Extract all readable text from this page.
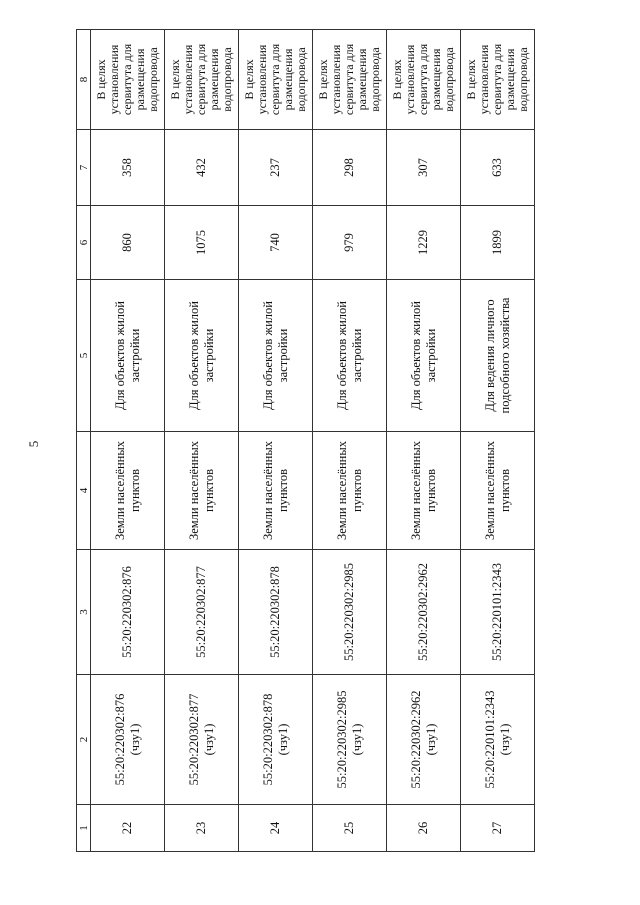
5
1	2	3	4	5	6	7	8
22	55:20:220302:876 (чзу1)	55:20:220302:876	Земли населённых пунктов	Для объектов жилой застройки	860	358	В целях установления сервитута для размещения водопровода
23	55:20:220302:877 (чзу1)	55:20:220302:877	Земли населённых пунктов	Для объектов жилой застройки	1075	432	В целях установления сервитута для размещения водопровода
24	55:20:220302:878 (чзу1)	55:20:220302:878	Земли населённых пунктов	Для объектов жилой застройки	740	237	В целях установления сервитута для размещения водопровода
25	55:20:220302:2985 (чзу1)	55:20:220302:2985	Земли населённых пунктов	Для объектов жилой застройки	979	298	В целях установления сервитута для размещения водопровода
26	55:20:220302:2962 (чзу1)	55:20:220302:2962	Земли населённых пунктов	Для объектов жилой застройки	1229	307	В целях установления сервитута для размещения водопровода
27	55:20:220101:2343 (чзу1)	55:20:220101:2343	Земли населённых пунктов	Для ведения личного подсобного хозяйства	1899	633	В целях установления сервитута для размещения водопровода
